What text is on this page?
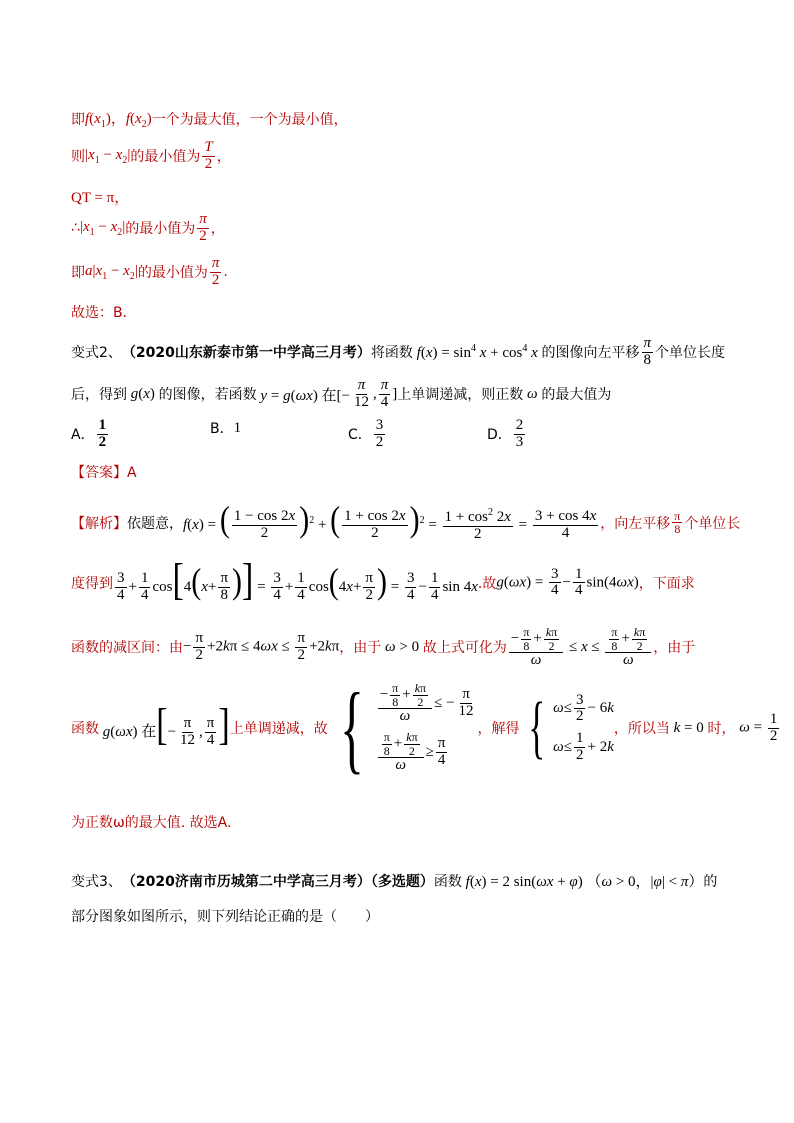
即 $f(x_1)$，$f(x_2)$ 一个为最大值，一个为最小值，
则 $|x_1 - x_2|$ 的最小值为 $\frac{T}{2}$ ，
QT = π，
∴ $|x_1 - x_2|$ 的最小值为 $\frac{\pi}{2}$ ，
即 $a|x_1 - x_2|$ 的最小值为 $\frac{\pi}{2}$ .
故选：B．
变式2、 （2020山东新泰市第一中学高三月考） 将函数 $f(x) = \sin^4 x + \cos^4 x$ 的图像向左平移 $\frac{\pi}{8}$ 个单位长度
后，得到 g(x) 的图像，若函数 y = g(ωx) 在[− $\frac{\pi}{12}$ , $\frac{\pi}{4}$ ] 上单调递减，则正数 ω 的最大值为
A． $\frac{1}{2}$	B． 1	C． $\frac{3}{2}$	D． $\frac{2}{3}$
【答案】A
【解析】 依题意， f(x) = ( $\frac{1 - \cos 2x}{2} )^2$ + ( $\frac{1 + \cos 2x}{2} )^2 = \frac{1 + \cos^2 2x}{2} = \frac{3 + \cos 4x}{4}$ ，向左平移 $\frac{\pi}{8}$ 个单位长
度得到 $\frac{3}{4} + \frac{1}{4} \cos[4(x+ \frac{\pi}{8}$ )] = $\frac{3}{4} + \frac{1}{4} \cos(4x+ \frac{\pi}{2}$ ) = $\frac{3}{4} - \frac{1}{4}$ sin 4x .故 $g(\omega x) = \frac{3}{4} - \frac{1}{4} \sin(4\omega x)$ ，下面求
函数的减区间：由 − $\frac{\pi}{2} +2k\pi \le 4\omega x \le \frac{\pi}{2} +2k\pi$ ，由于 ω > 0 故上式可化为 $\frac{- \frac{\pi}{8} + \frac{k\pi}{2}}{\omega} \le x \le \frac{\frac{\pi}{8} + \frac{k\pi}{2}}{\omega}$ ，由于
函数 g(ωx) 在[− $\frac{\pi}{12}$ , $\frac{\pi}{4}$ ] 上单调递减，故 { $\frac{- \frac{\pi}{8} + \frac{k\pi}{2}}{\omega}$ ≤ − $\frac{\pi}{12}$
$\frac{\frac{\pi}{8} + \frac{k\pi}{2}}{\omega} \ge \frac{\pi}{4}$
，解得 { $\omega \le \frac{3}{2} - 6$ k
$\omega \le \frac{1}{2} + 2$ k
，所以当 k = 0 时， $\omega = \frac{1}{2}$
为正数ω的最大值. 故选A.
变式3、 （2020济南市历城第二中学高三月考）（多选题） 函数 f(x) = 2 sin(ωx + φ) （ω > 0，|φ| < π） 的
部分图象如图所示，则下列结论正确的是（　　）
